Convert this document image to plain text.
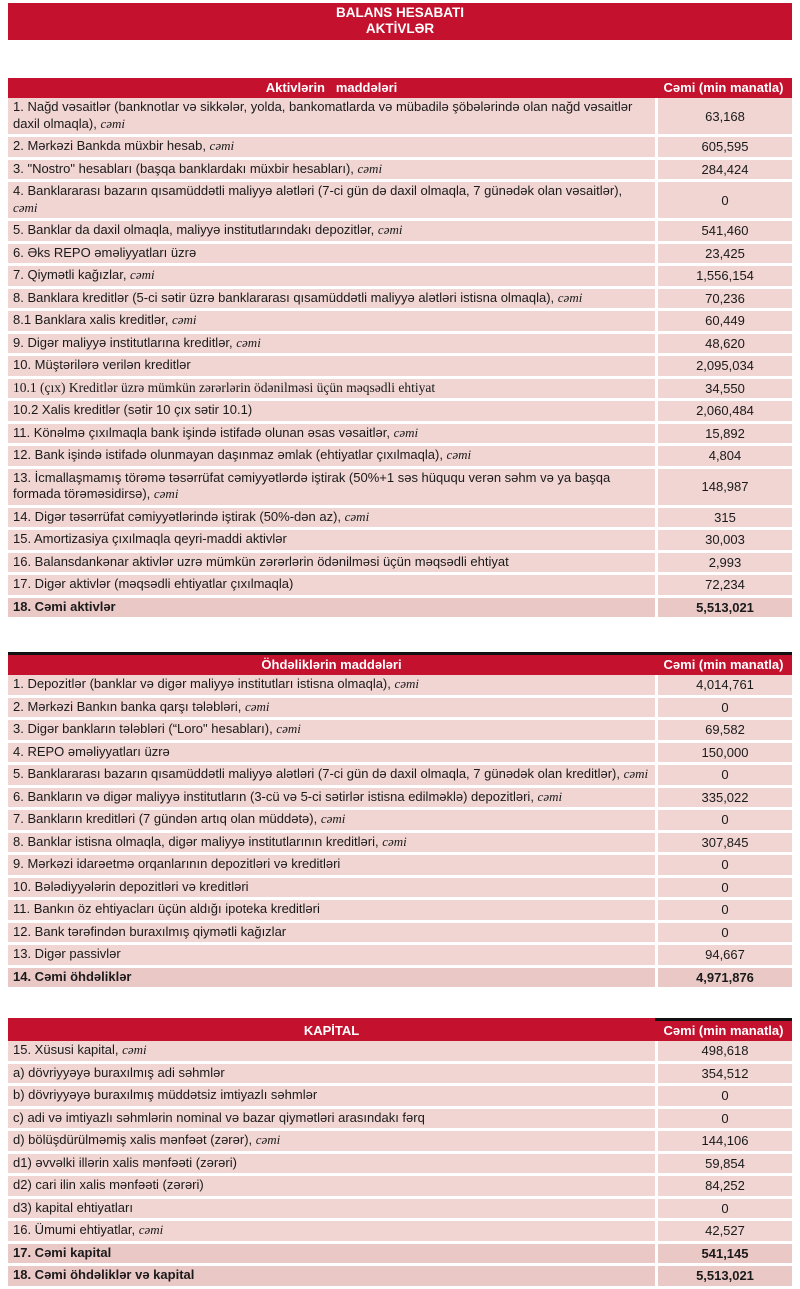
BALANS HESABATI
AKTİVLƏR
Aktivlərin   maddələri	Cəmi (min manatla)
1. Nağd vəsaitlər (banknotlar və sikkələr, yolda, bankomatlarda və mübadilə şöbələrində olan nağd vəsaitlər daxil olmaqla), cəmi	63,168
2. Mərkəzi Bankda müxbir hesab, cəmi	605,595
3. "Nostro" hesabları (başqa banklardakı müxbir hesabları), cəmi	284,424
4. Banklararası bazarın qısamüddətli maliyyə alətləri (7-ci gün də daxil olmaqla, 7 günədək olan vəsaitlər), cəmi	0
5. Banklar da daxil olmaqla, maliyyə institutlarındakı depozitlər, cəmi	541,460
6. Əks REPO əməliyyatları üzrə	23,425
7. Qiymətli kağızlar, cəmi	1,556,154
8. Banklara kreditlər (5-ci sətir üzrə banklararası qısamüddətli maliyyə alətləri istisna olmaqla), cəmi	70,236
8.1 Banklara xalis kreditlər, cəmi	60,449
9. Digər maliyyə institutlarına kreditlər, cəmi	48,620
10. Müştərilərə verilən kreditlər	2,095,034
10.1 (çıx) Kreditlər üzrə mümkün zərərlərin ödənilməsi üçün məqsədli ehtiyat	34,550
10.2 Xalis kreditlər (sətir 10 çıx sətir 10.1)	2,060,484
11. Könəlmə çıxılmaqla bank işində istifadə olunan əsas vəsaitlər, cəmi	15,892
12. Bank işində istifadə olunmayan daşınmaz əmlak (ehtiyatlar çıxılmaqla), cəmi	4,804
13. İcmallaşmamış törəmə təsərrüfat cəmiyyətlərdə iştirak (50%+1 səs hüququ verən səhm və ya başqa formada törəməsidirsə), cəmi	148,987
14. Digər təsərrüfat cəmiyyətlərində iştirak (50%-dən az), cəmi	315
15. Amortizasiya çıxılmaqla qeyri-maddi aktivlər	30,003
16. Balansdankənar aktivlər uzrə mümkün zərərlərin ödənilməsi üçün məqsədli ehtiyat	2,993
17. Digər aktivlər (məqsədli ehtiyatlar çıxılmaqla)	72,234
18. Cəmi aktivlər	5,513,021
Öhdəliklərin maddələri	Cəmi (min manatla)
1. Depozitlər (banklar və digər maliyyə institutları istisna olmaqla), cəmi	4,014,761
2. Mərkəzi Bankın banka qarşı tələbləri, cəmi	0
3. Digər bankların tələbləri (“Loro" hesabları), cəmi	69,582
4. REPO əməliyyatları üzrə	150,000
5. Banklararası bazarın qısamüddətli maliyyə alətləri (7-ci gün də daxil olmaqla, 7 günədək olan kreditlər), cəmi	0
6. Bankların və digər maliyyə institutların (3-cü və 5-ci sətirlər istisna edilməklə) depozitləri, cəmi	335,022
7. Bankların kreditləri (7 gündən artıq olan müddətə), cəmi	0
8. Banklar istisna olmaqla, digər maliyyə institutlarının kreditləri, cəmi	307,845
9. Mərkəzi idarəetmə orqanlarının depozitləri və kreditləri	0
10. Bələdiyyələrin depozitləri və kreditləri	0
11. Bankın öz ehtiyacları üçün aldığı ipoteka kreditləri	0
12. Bank tərəfindən buraxılmış qiymətli kağızlar	0
13. Digər passivlər	94,667
14. Cəmi öhdəliklər	4,971,876
KAPİTAL	Cəmi (min manatla)
15. Xüsusi kapital, cəmi	498,618
a) dövriyyəyə buraxılmış adi səhmlər	354,512
b) dövriyyəyə buraxılmış müddətsiz imtiyazlı səhmlər	0
c) adi və imtiyazlı səhmlərin nominal və bazar qiymətləri arasındakı fərq	0
d) bölüşdürülməmiş xalis mənfəət (zərər), cəmi	144,106
d1) əvvəlki illərin xalis mənfəəti (zərəri)	59,854
d2) cari ilin xalis mənfəəti (zərəri)	84,252
d3) kapital ehtiyatları	0
16. Ümumi ehtiyatlar, cəmi	42,527
17. Cəmi kapital	541,145
18. Cəmi öhdəliklər və kapital	5,513,021
